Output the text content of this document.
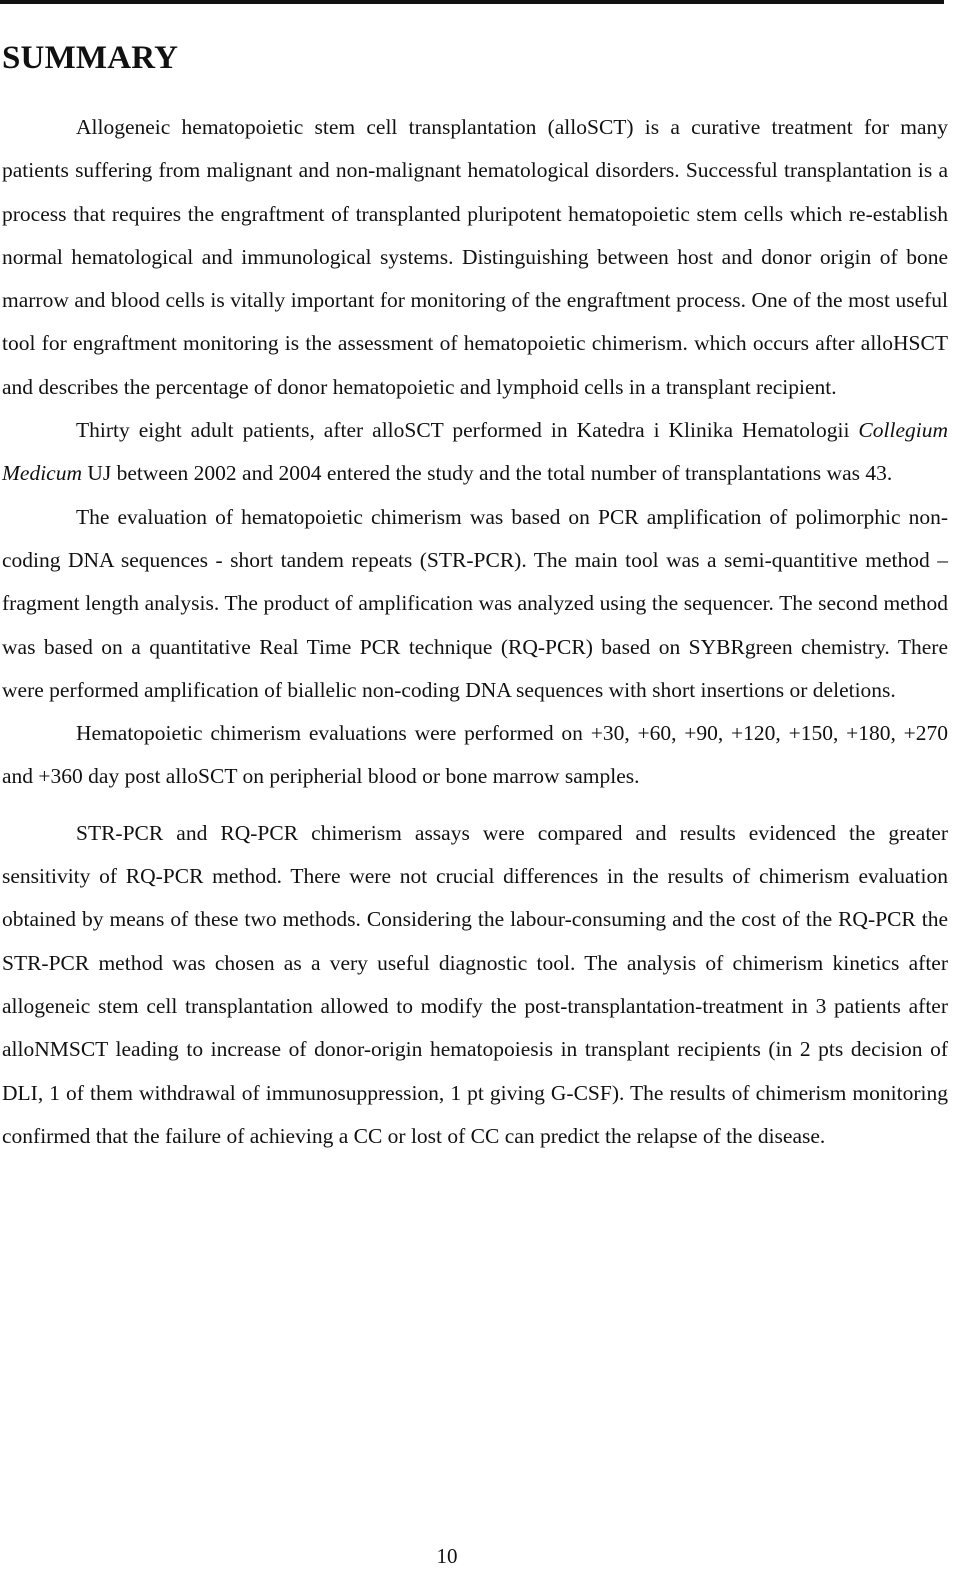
SUMMARY

Allogeneic hematopoietic stem cell transplantation (alloSCT) is a curative treatment for many patients suffering from malignant and non-malignant hematological disorders. Successful transplantation is a process that requires the engraftment of transplanted pluripotent hematopoietic stem cells which re-establish normal hematological and immunological systems. Distinguishing between host and donor origin of bone marrow and blood cells is vitally important for monitoring of the engraftment process. One of the most useful tool for engraftment monitoring is the assessment of hematopoietic chimerism. which occurs after alloHSCT and describes the percentage of donor hematopoietic and lymphoid cells in a transplant recipient.

Thirty eight adult patients, after alloSCT performed in Katedra i Klinika Hematologii Collegium Medicum UJ between 2002 and 2004 entered the study and the total number of transplantations was 43.

The evaluation of hematopoietic chimerism was based on PCR amplification of polimorphic non-coding DNA sequences - short tandem repeats (STR-PCR). The main tool was a semi-quantitive method – fragment length analysis. The product of amplification was analyzed using the sequencer. The second method was based on a quantitative Real Time PCR technique (RQ-PCR) based on SYBRgreen chemistry. There were performed amplification of biallelic non-coding DNA sequences with short insertions or deletions.

Hematopoietic chimerism evaluations were performed on +30, +60, +90, +120, +150, +180, +270 and +360 day post alloSCT on peripherial blood or bone marrow samples.

STR-PCR and RQ-PCR chimerism assays were compared and results evidenced the greater sensitivity of RQ-PCR method. There were not crucial differences in the results of chimerism evaluation obtained by means of these two methods. Considering the labour-consuming and the cost of the RQ-PCR the STR-PCR method was chosen as a very useful diagnostic tool. The analysis of chimerism kinetics after allogeneic stem cell transplantation allowed to modify the post-transplantation-treatment in 3 patients after alloNMSCT leading to increase of donor-origin hematopoiesis in transplant recipients (in 2 pts decision of DLI, 1 of them withdrawal of immunosuppression, 1 pt giving G-CSF). The results of chimerism monitoring confirmed that the failure of achieving a CC or lost of CC can predict the relapse of the disease.

10
